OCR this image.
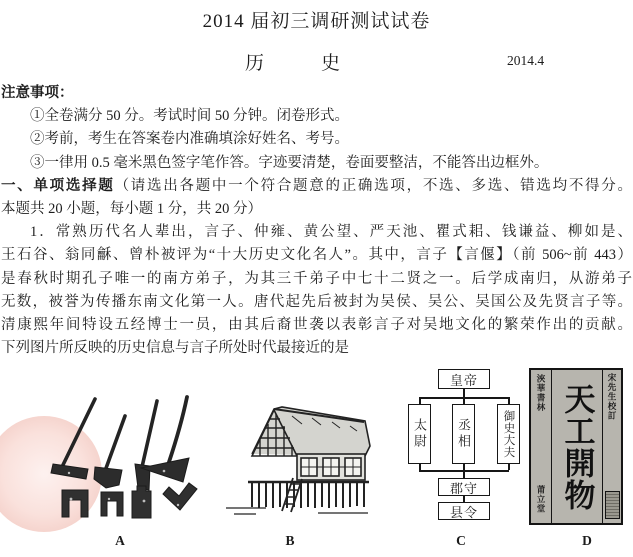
2014 届初三调研测试试卷
历　　　史	2014.4
注意事项：
①全卷满分 50 分。考试时间 50 分钟。闭卷形式。
②考前，考生在答案卷内准确填涂好姓名、考号。
③一律用 0.5 毫米黑色签字笔作答。字迹要清楚，卷面要整洁，不能答出边框外。
一、单项选择题（请选出各题中一个符合题意的正确选项，不选、多选、错选均不得分。
本题共 20 小题，每小题 1 分，共 20 分）
1．常熟历代名人辈出，言子、仲雍、黄公望、严天池、瞿式耜、钱谦益、柳如是、
王石谷、翁同龢、曾朴被评为“十大历史文化名人”。其中，言子【言偃】（前 506~前 443）
是春秋时期孔子唯一的南方弟子，为其三千弟子中七十二贤之一。后学成南归，从游弟子
无数，被誉为传播东南文化第一人。唐代起先后被封为吴侯、吴公、吴国公及先贤言子等。
清康熙年间特设五经博士一员，由其后裔世袭以表彰言子对吴地文化的繁荣作出的贡献。
下列图片所反映的历史信息与言子所处时代最接近的是
皇帝
太尉	丞相	御史大夫
郡守
县令
浹華書林
莆立堂 天工開物	宋先生校訂
A	B	C	D
